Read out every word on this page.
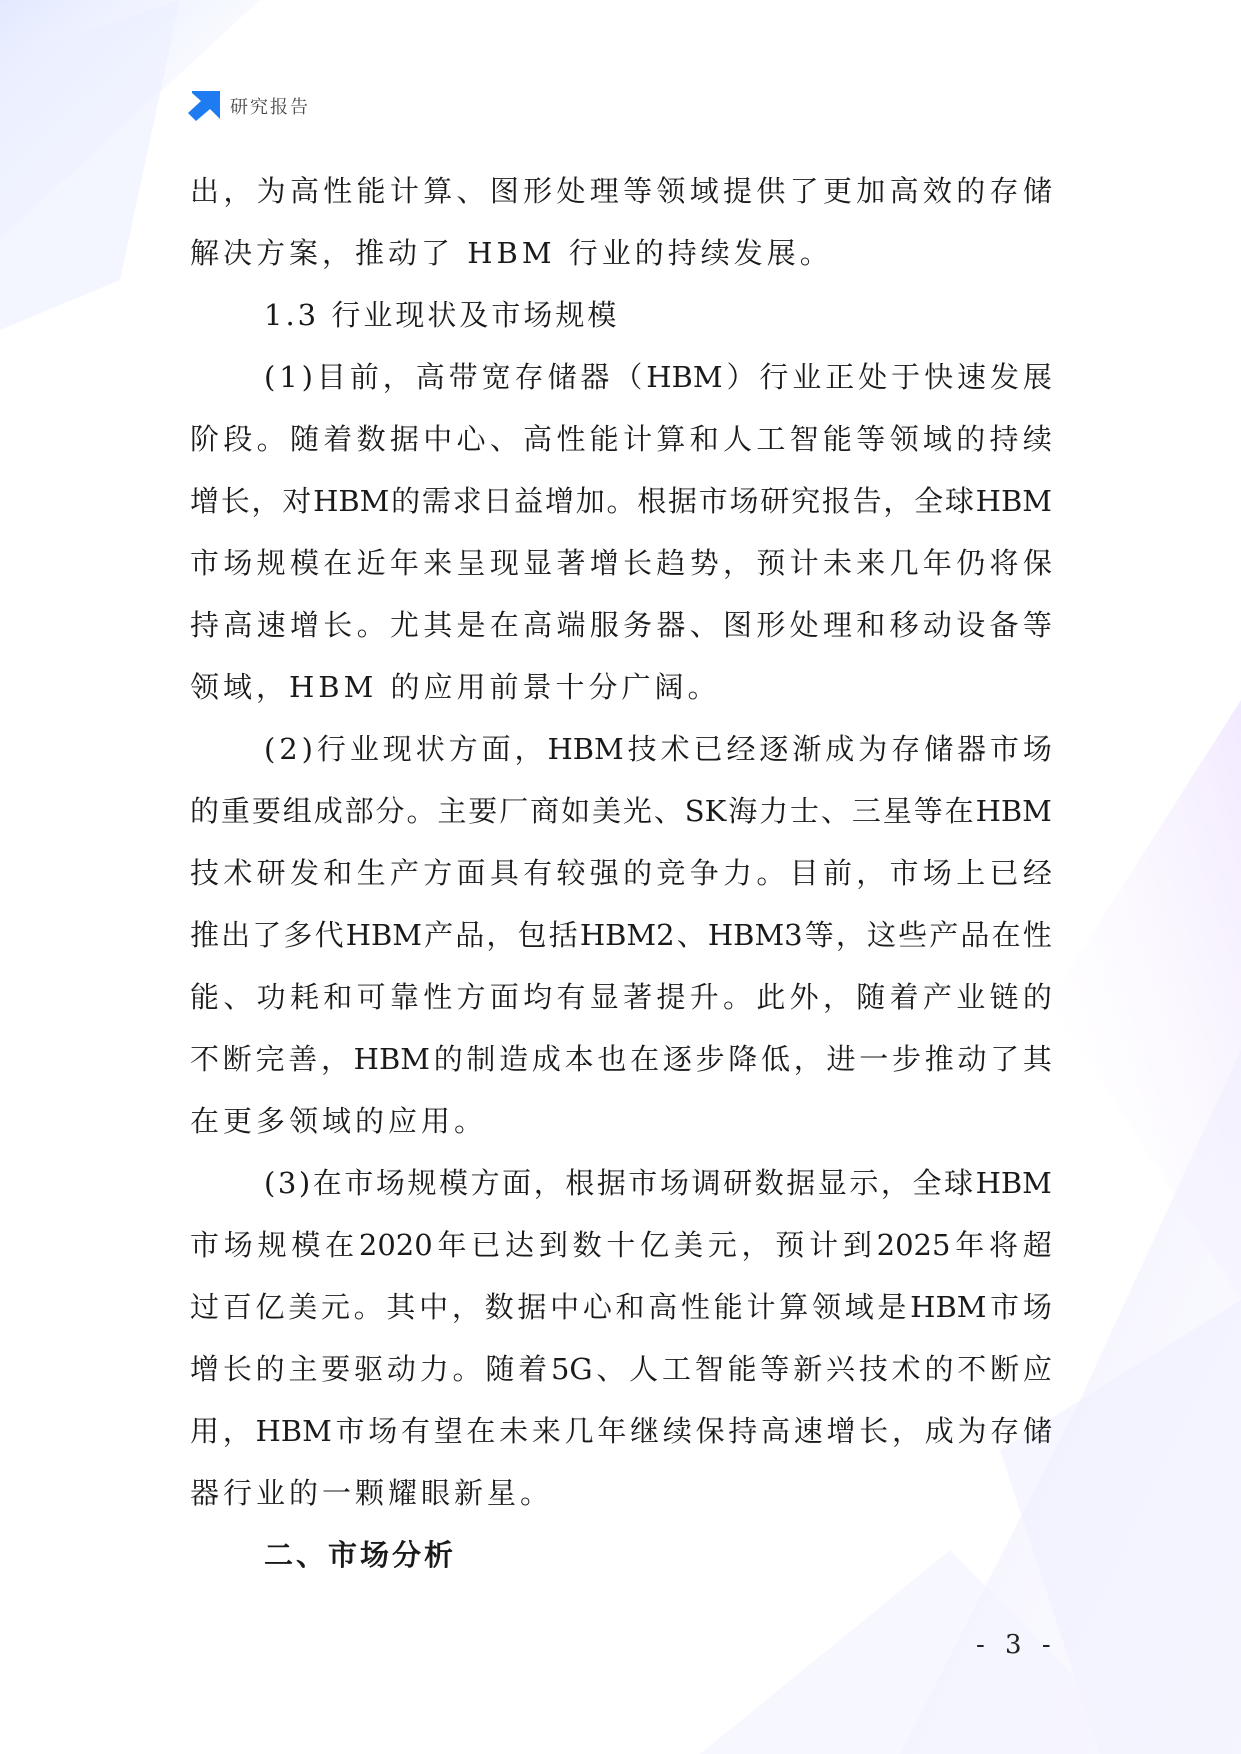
研究报告
出 ， 为 高 性 能 计 算 、 图 形 处 理 等 领 域 提 供 了 更 加 高 效 的 存 储
解决方案，推动了 HBM 行业的持续发展。
1.3 行业现状及市场规模
( 1 ) 目 前 ， 高 带 宽 存 储 器 （ HBM ） 行 业 正 处 于 快 速 发 展
阶 段 。 随 着 数 据 中 心 、 高 性 能 计 算 和 人 工 智 能 等 领 域 的 持 续
增 长 ， 对 HBM 的 需 求 日 益 增 加 。 根 据 市 场 研 究 报 告 ， 全 球 HBM
市 场 规 模 在 近 年 来 呈 现 显 著 增 长 趋 势 ， 预 计 未 来 几 年 仍 将 保
持 高 速 增 长 。 尤 其 是 在 高 端 服 务 器 、 图 形 处 理 和 移 动 设 备 等
领域，HBM 的应用前景十分广阔。
( 2 ) 行 业 现 状 方 面 ， HBM 技 术 已 经 逐 渐 成 为 存 储 器 市 场
的 重 要 组 成 部 分 。 主 要 厂 商 如 美 光 、 SK 海 力 士 、 三 星 等 在 HBM
技 术 研 发 和 生 产 方 面 具 有 较 强 的 竞 争 力 。 目 前 ， 市 场 上 已 经
推 出 了 多 代 HBM 产 品 ， 包 括 HBM2 、 HBM3 等 ， 这 些 产 品 在 性
能 、 功 耗 和 可 靠 性 方 面 均 有 显 著 提 升 。 此 外 ， 随 着 产 业 链 的
不 断 完 善 ， HBM 的 制 造 成 本 也 在 逐 步 降 低 ， 进 一 步 推 动 了 其
在更多领域的应用。
( 3 ) 在 市 场 规 模 方 面 ， 根 据 市 场 调 研 数 据 显 示 ， 全 球 HBM
市 场 规 模 在 2020 年 已 达 到 数 十 亿 美 元 ， 预 计 到 2025 年 将 超
过 百 亿 美 元 。 其 中 ， 数 据 中 心 和 高 性 能 计 算 领 域 是 HBM 市 场
增 长 的 主 要 驱 动 力 。 随 着 5G 、 人 工 智 能 等 新 兴 技 术 的 不 断 应
用 ， HBM 市 场 有 望 在 未 来 几 年 继 续 保 持 高 速 增 长 ， 成 为 存 储
器行业的一颗耀眼新星。
二、市场分析
- 3 -
